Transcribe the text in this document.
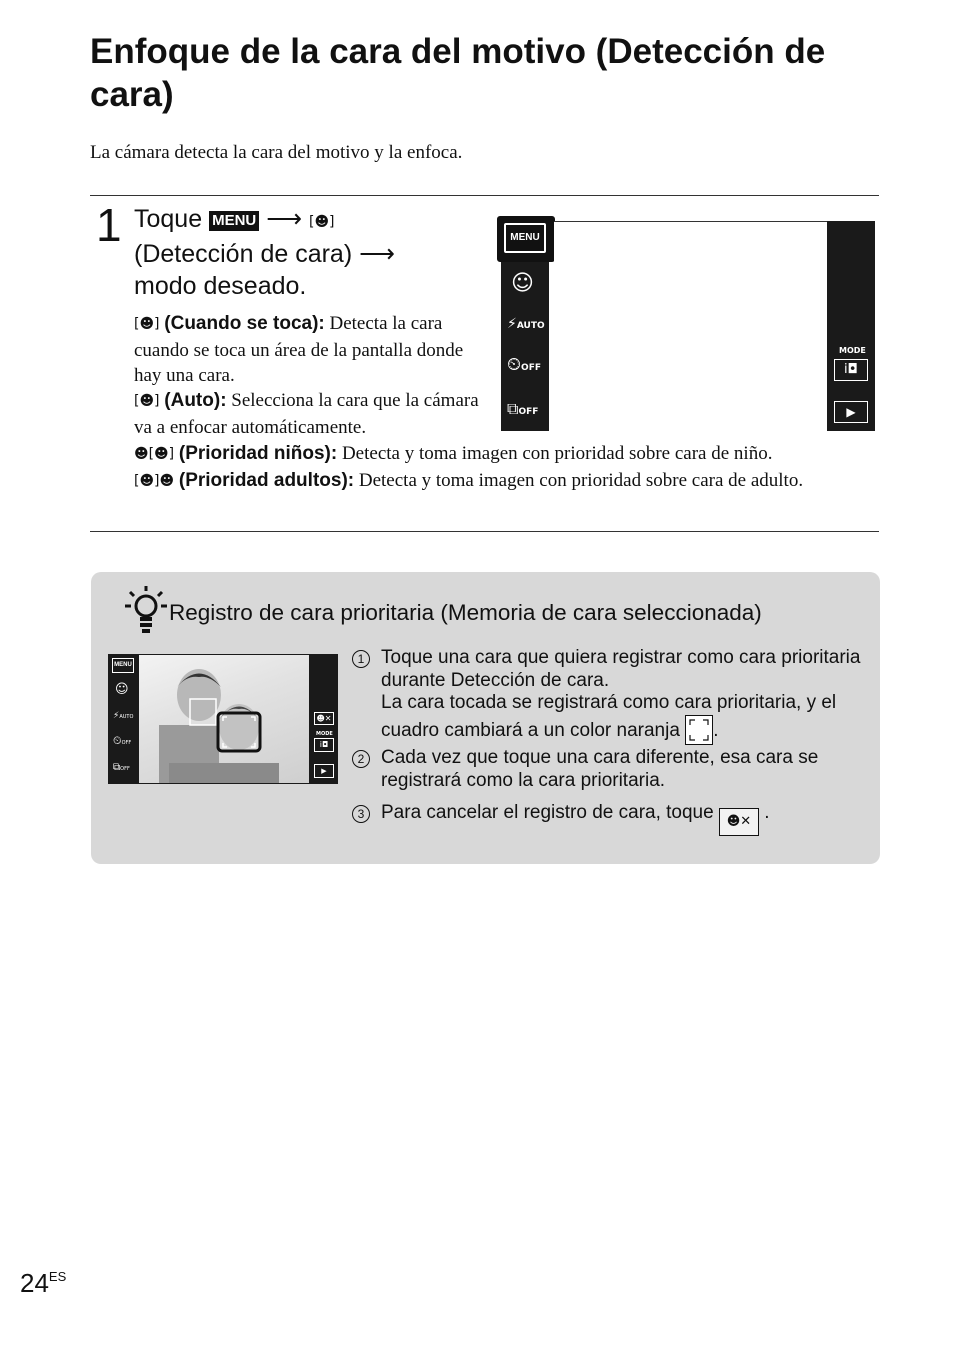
Enfoque de la cara del motivo (Detección de cara)
La cámara detecta la cara del motivo y la enfoca.
1 Toque MENU ⟶ [☻]
(Detección de cara) ⟶
modo deseado.
[☻] (Cuando se toca): Detecta la cara cuando se toca un área de la pantalla donde hay una cara.
[☻] (Auto): Selecciona la cara que la cámara va a enfocar automáticamente.
☻[☻] (Prioridad niños): Detecta y toma imagen con prioridad sobre cara de niño.
[☻]☻ (Prioridad adultos): Detecta y toma imagen con prioridad sobre cara de adulto.
MENU
☺
⚡AUTO
⏲OFF
⧉OFF
MODE
i◘
▶
Registro de cara prioritaria (Memoria de cara seleccionada)
MENU
☺
⚡AUTO
⏲OFF
⧉OFF
☻✕
MODE
i◘
▶
1 Toque una cara que quiera registrar como cara prioritaria durante Detección de cara.
La cara tocada se registrará como cara prioritaria, y el cuadro cambiará a un color naranja .
2 Cada vez que toque una cara diferente, esa cara se registrará como la cara prioritaria.
3 Para cancelar el registro de cara, toque ☻✕ .
$24^{ES}$
